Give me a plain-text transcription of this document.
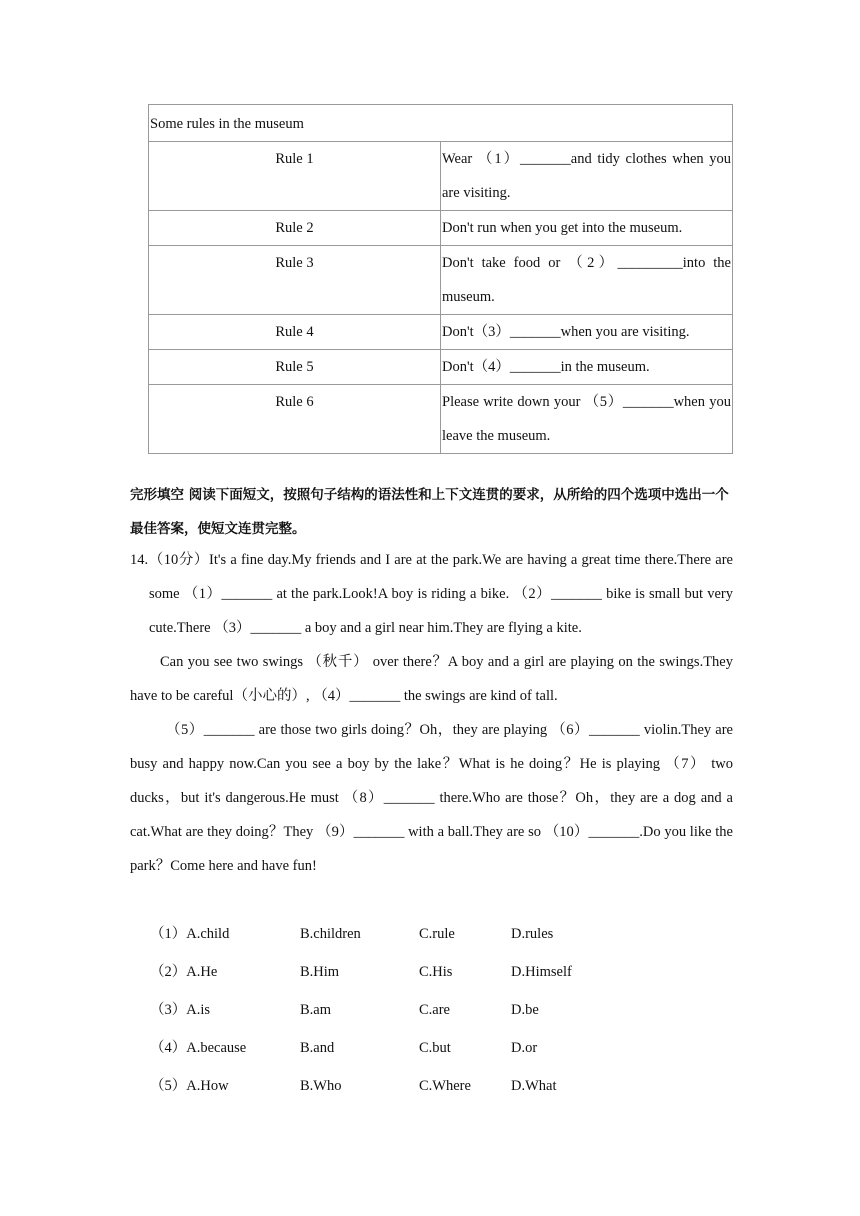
Some rules in the museum	
Rule 1	Wear （1）_______and tidy clothes when you are visiting.
Rule 2	Don't run when you get into the museum.
Rule 3	Don't take food or （2）_________into the museum.
Rule 4	Don't（3）_______when you are visiting.
Rule 5	Don't（4）_______in the museum.
Rule 6	Please write down your （5）_______when you leave the museum.
完形填空 阅读下面短文，按照句子结构的语法性和上下文连贯的要求，从所给的四个选项中选出一个最佳答案，使短文连贯完整。

14.（10分）It's a fine day.My friends and I are at the park.We are having a great time there.There are some （1）_______ at the park.Look!A boy is riding a bike. （2）_______ bike is small but very cute.There （3）_______ a boy and a girl near him.They are flying a kite.

Can you see two swings （秋千） over there？A boy and a girl are playing on the swings.They have to be careful（小心的）, （4）_______ the swings are kind of tall.

（5）_______ are those two girls doing？Oh，they are playing （6）_______ violin.They are busy and happy now.Can you see a boy by the lake？What is he doing？He is playing （7） two ducks，but it's dangerous.He must （8）_______ there.Who are those？Oh，they are a dog and a cat.What are they doing？They （9）_______ with a ball.They are so （10）_______.Do you like the park？Come here and have fun!

（1）A.child	B.children	C.rule	D.rules
（2）A.He	B.Him	C.His	D.Himself
（3）A.is	B.am	C.are	D.be
（4）A.because	B.and	C.but	D.or
（5）A.How	B.Who	C.Where	D.What
